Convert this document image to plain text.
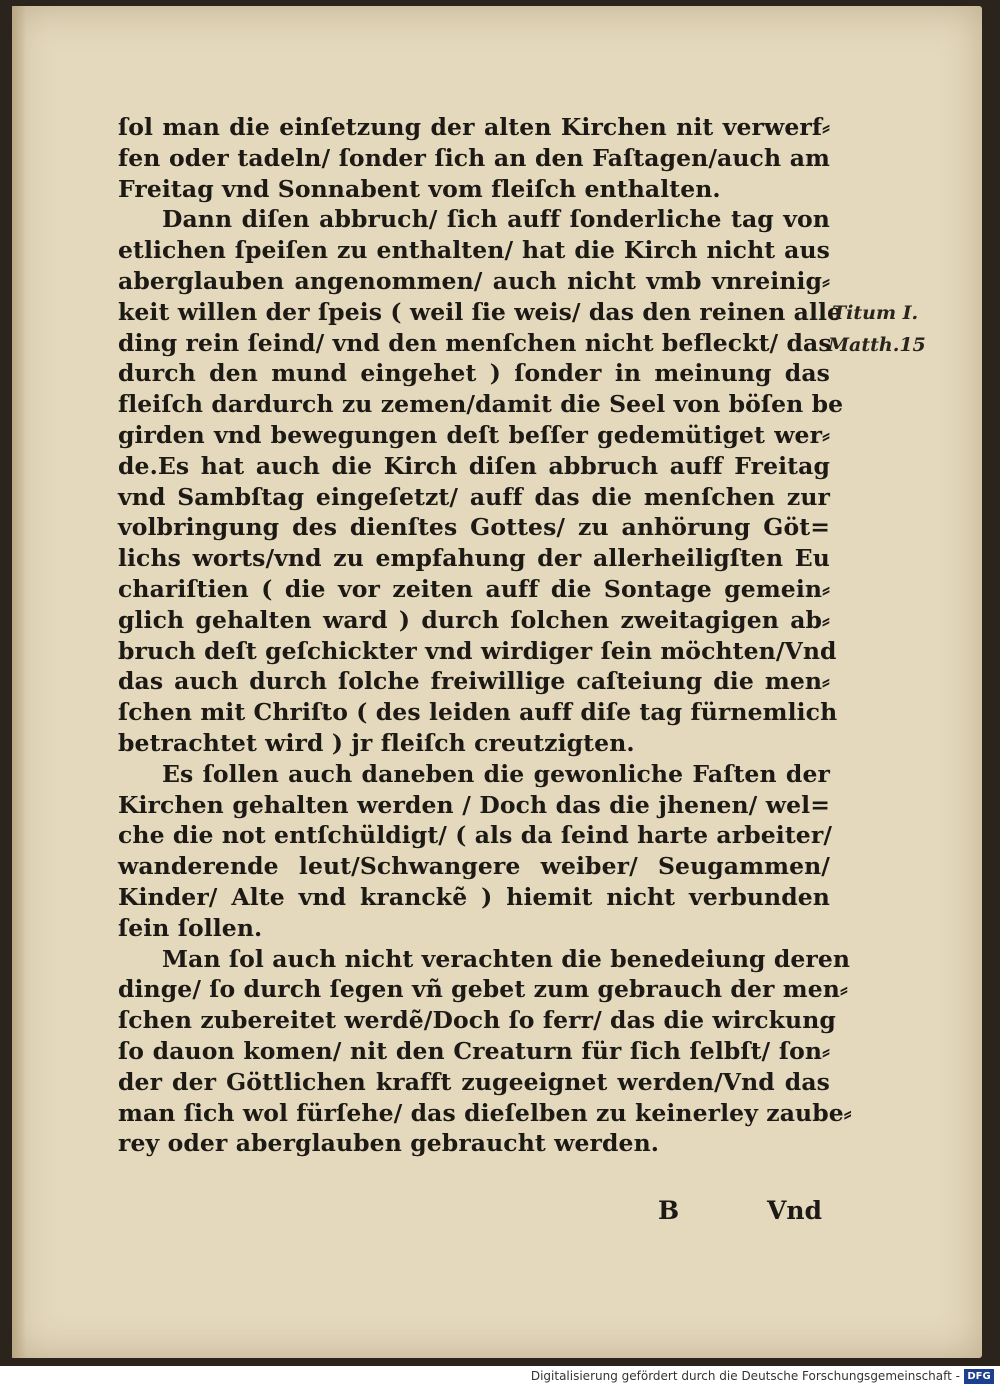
ſol man die einſetzung der alten Kirchen nit verwerf⸗
fen oder tadeln/ ſonder ſich an den Faſtagen/auch am
Freitag vnd Sonnabent vom fleiſch enthalten.
Dann diſen abbruch/ ſich auff ſonderliche tag von
etlichen ſpeiſen zu enthalten/ hat die Kirch nicht aus
aberglauben angenommen/ auch nicht vmb vnreinig⸗
keit willen der ſpeis ( weil ſie weis/ das den reinen alle
ding rein ſeind/ vnd den menſchen nicht befleckt/ das
durch den mund eingehet ) ſonder in meinung das
fleiſch dardurch zu zemen/damit die Seel von böſen be
girden vnd bewegungen deſt beſſer gedemütiget wer⸗
de.Es hat auch die Kirch diſen abbruch auff Freitag
vnd Sambſtag eingeſetzt/ auff das die menſchen zur
volbringung des dienſtes Gottes/ zu anhörung Göt=
lichs worts/vnd zu empfahung der allerheiligſten Eu
chariſtien ( die vor zeiten auff die Sontage gemein⸗
glich gehalten ward ) durch ſolchen zweitagigen ab⸗
bruch deſt geſchickter vnd wirdiger ſein möchten/Vnd
das auch durch ſolche freiwillige caſteiung die men⸗
ſchen mit Chriſto ( des leiden auff diſe tag fürnemlich
betrachtet wird ) jr fleiſch creutzigten.
Es ſollen auch daneben die gewonliche Faſten der
Kirchen gehalten werden / Doch das die jhenen/ wel=
che die not entſchüldigt/ ( als da ſeind harte arbeiter/
wanderende leut/Schwangere weiber/ Seugammen/
Kinder/ Alte vnd kranckẽ ) hiemit nicht verbunden
ſein ſollen.
Man ſol auch nicht verachten die benedeiung deren
dinge/ ſo durch ſegen vñ gebet zum gebrauch der men⸗
ſchen zubereitet werdẽ/Doch ſo ferr/ das die wirckung
ſo dauon komen/ nit den Creaturn für ſich ſelbſt/ ſon⸗
der der Göttlichen krafft zugeeignet werden/Vnd das
man ſich wol fürſehe/ das dieſelben zu keinerley zaube⸗
rey oder aberglauben gebraucht werden.
Titum I.
Matth.15
B	Vnd
Digitalisierung gefördert durch die Deutsche Forschungsgemeinschaft - DFG
